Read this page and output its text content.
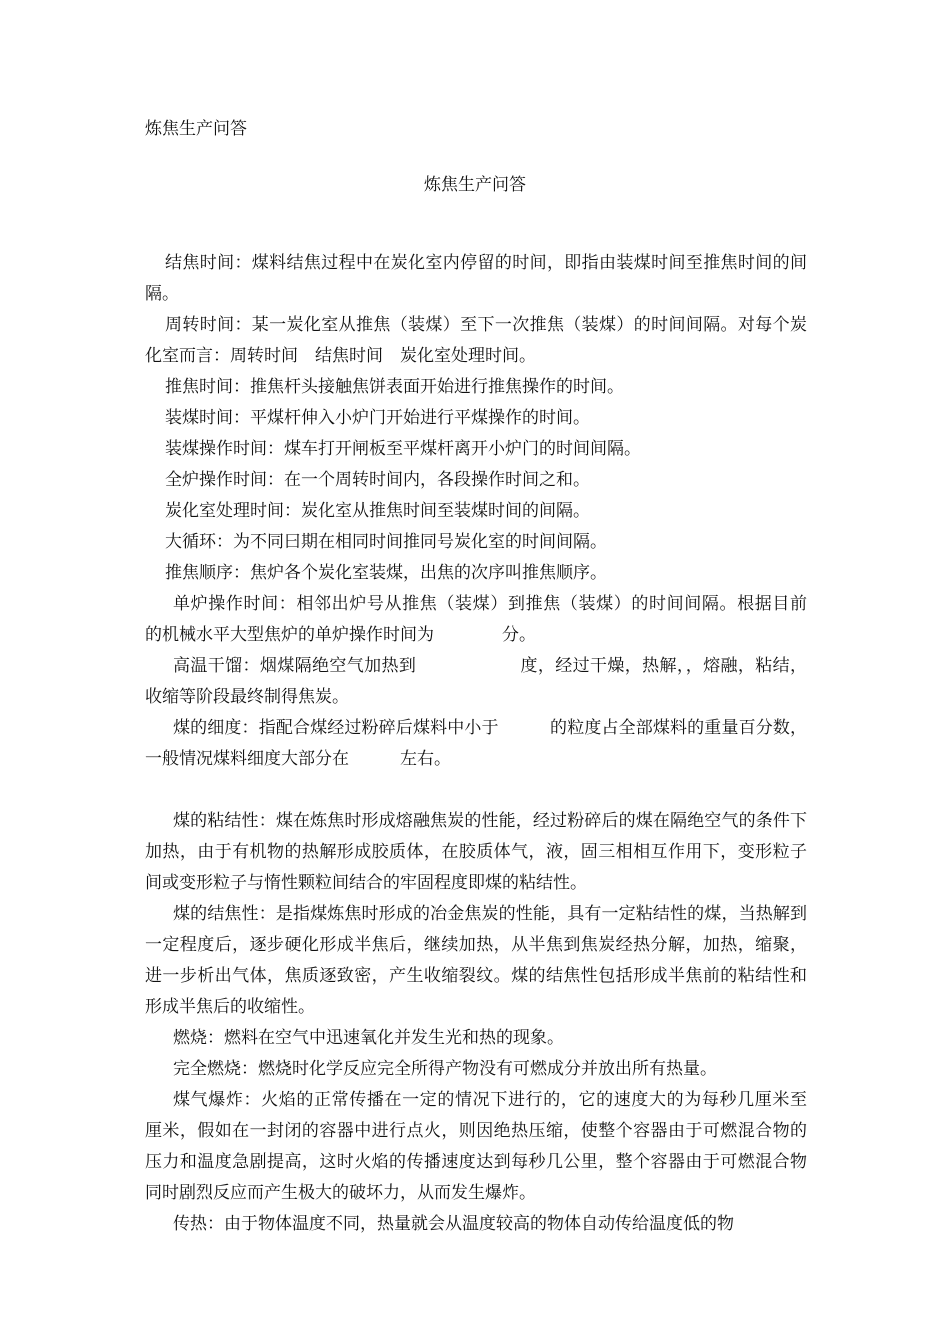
炼焦生产问答
炼焦生产问答

结焦时间：煤料结焦过程中在炭化室内停留的时间，即指由装煤时间至推焦时间的间隔。

周转时间：某一炭化室从推焦（装煤）至下一次推焦（装煤）的时间间隔。对每个炭化室而言：周转时间　结焦时间　炭化室处理时间。

推焦时间：推焦杆头接触焦饼表面开始进行推焦操作的时间。

装煤时间：平煤杆伸入小炉门开始进行平煤操作的时间。

装煤操作时间：煤车打开闸板至平煤杆离开小炉门的时间间隔。

全炉操作时间：在一个周转时间内，各段操作时间之和。

炭化室处理时间：炭化室从推焦时间至装煤时间的间隔。

大循环：为不同曰期在相同时间推同号炭化室的时间间隔。

推焦顺序：焦炉各个炭化室装煤，出焦的次序叫推焦顺序。

单炉操作时间：相邻出炉号从推焦（装煤）到推焦（装煤）的时间间隔。根据目前　的机械水平大型焦炉的单炉操作时间为　　　　分。

高温干馏：烟煤隔绝空气加热到　　　　　　度，经过干燥，热解，，熔融，粘结，收缩等阶段最终制得焦炭。

煤的细度：指配合煤经过粉碎后煤料中小于　　　的粒度占全部煤料的重量百分数，一般情况煤料细度大部分在　　　左右。

煤的粘结性：煤在炼焦时形成熔融焦炭的性能，经过粉碎后的煤在隔绝空气的条件下加热，由于有机物的热解形成胶质体，在胶质体气，液，固三相相互作用下，变形粒子间或变形粒子与惰性颗粒间结合的牢固程度即煤的粘结性。

煤的结焦性：是指煤炼焦时形成的冶金焦炭的性能，具有一定粘结性的煤，当热解到一定程度后，逐步硬化形成半焦后，继续加热，从半焦到焦炭经热分解，加热，缩聚，进一步析出气体，焦质逐致密，产生收缩裂纹。煤的结焦性包括形成半焦前的粘结性和形成半焦后的收缩性。

燃烧：燃料在空气中迅速氧化并发生光和热的现象。

完全燃烧：燃烧时化学反应完全所得产物没有可燃成分并放出所有热量。

煤气爆炸：火焰的正常传播在一定的情况下进行的，它的速度大的为每秒几厘米至　　　　厘米，假如在一封闭的容器中进行点火，则因绝热压缩，使整个容器由于可燃混合物的压力和温度急剧提高，这时火焰的传播速度达到每秒几公里，整个容器由于可燃混合物同时剧烈反应而产生极大的破坏力，从而发生爆炸。

传热：由于物体温度不同，热量就会从温度较高的物体自动传给温度低的物
